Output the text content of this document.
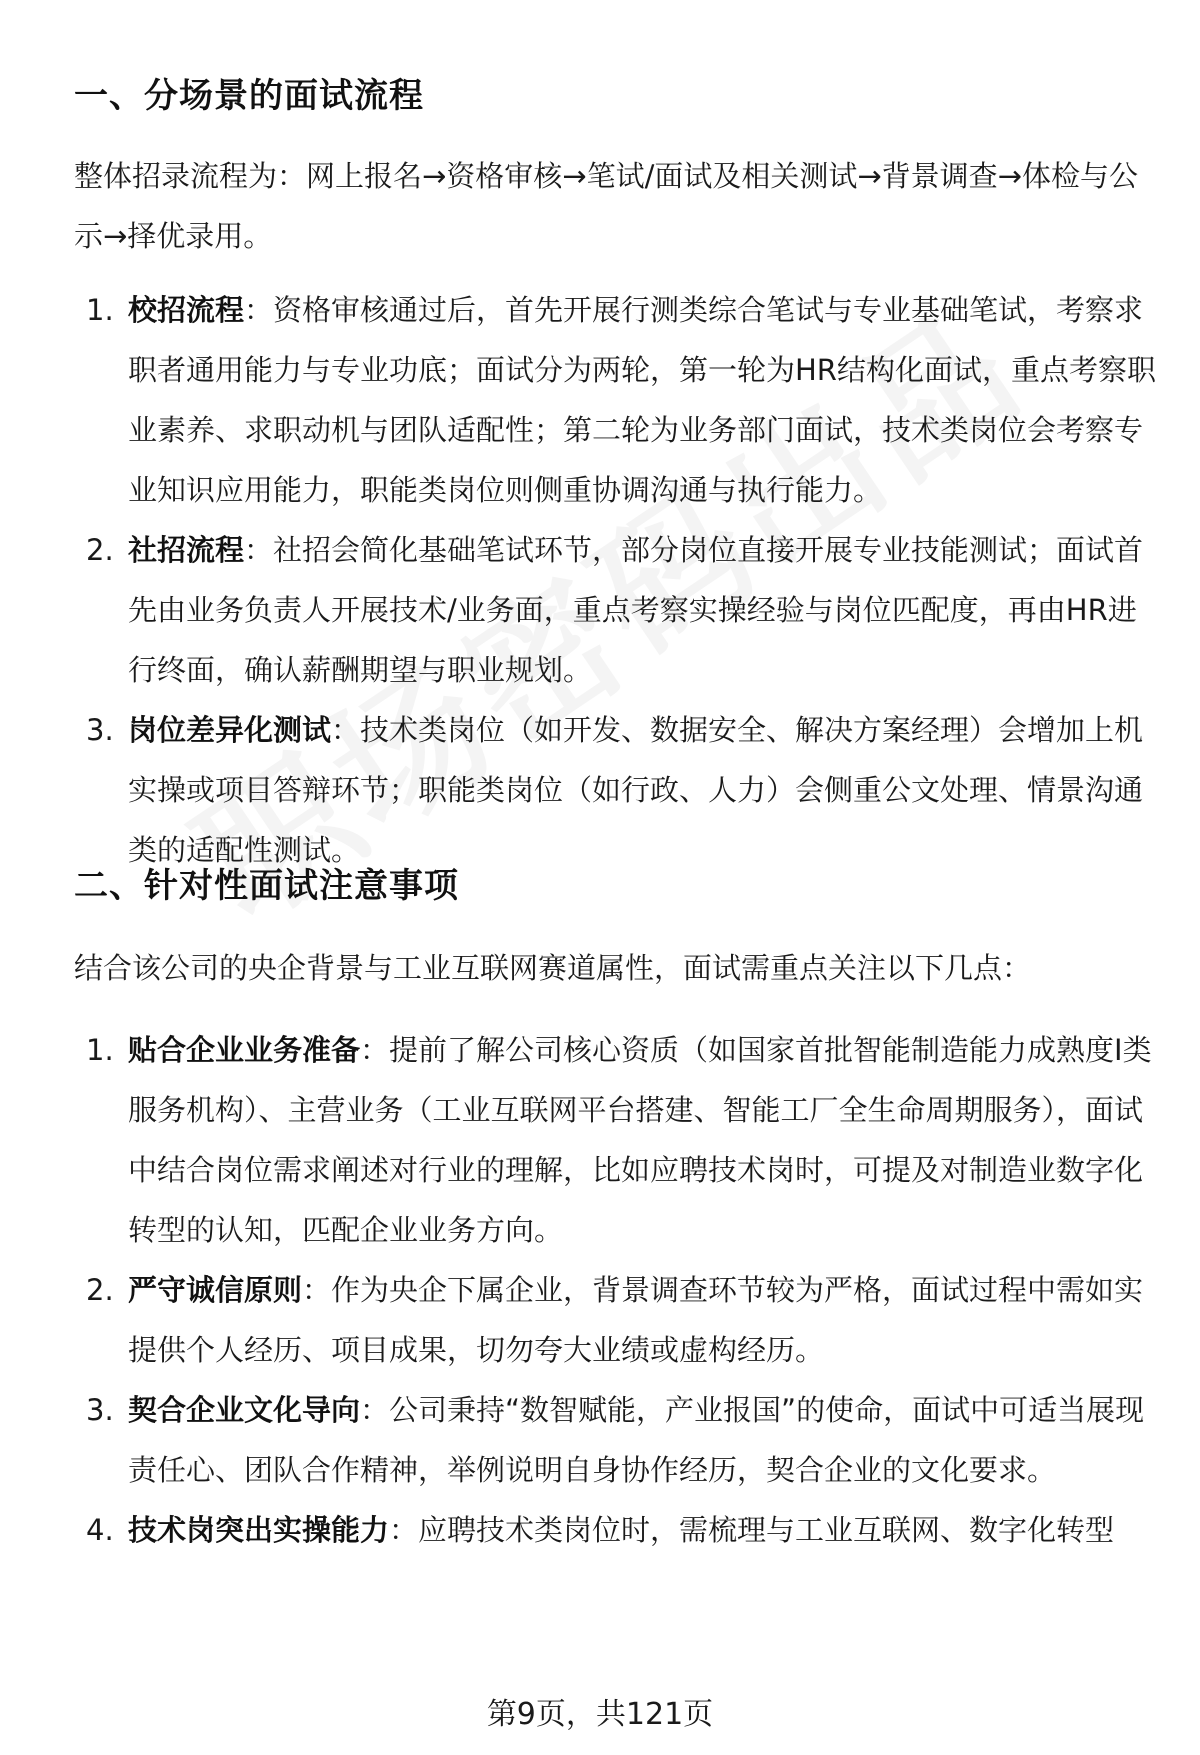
一、分场景的面试流程

整体招录流程为：网上报名→资格审核→笔试/面试及相关测试→背景调查→体检与公示→择优录用。

1. 校招流程：资格审核通过后，首先开展行测类综合笔试与专业基础笔试，考察求职者通用能力与专业功底；面试分为两轮，第一轮为HR结构化面试，重点考察职业素养、求职动机与团队适配性；第二轮为业务部门面试，技术类岗位会考察专业知识应用能力，职能类岗位则侧重协调沟通与执行能力。
2. 社招流程：社招会简化基础笔试环节，部分岗位直接开展专业技能测试；面试首先由业务负责人开展技术/业务面，重点考察实操经验与岗位匹配度，再由HR进行终面，确认薪酬期望与职业规划。
3. 岗位差异化测试：技术类岗位（如开发、数据安全、解决方案经理）会增加上机实操或项目答辩环节；职能类岗位（如行政、人力）会侧重公文处理、情景沟通类的适配性测试。
二、针对性面试注意事项

结合该公司的央企背景与工业互联网赛道属性，面试需重点关注以下几点：

1. 贴合企业业务准备：提前了解公司核心资质（如国家首批智能制造能力成熟度Ⅰ类服务机构）、主营业务（工业互联网平台搭建、智能工厂全生命周期服务），面试中结合岗位需求阐述对行业的理解，比如应聘技术岗时，可提及对制造业数字化转型的认知，匹配企业业务方向。
2. 严守诚信原则：作为央企下属企业，背景调查环节较为严格，面试过程中需如实提供个人经历、项目成果，切勿夸大业绩或虚构经历。
3. 契合企业文化导向：公司秉持“数智赋能，产业报国”的使命，面试中可适当展现责任心、团队合作精神，举例说明自身协作经历，契合企业的文化要求。
4. 技术岗突出实操能力：应聘技术类岗位时，需梳理与工业互联网、数字化转型
第9页，共121页
